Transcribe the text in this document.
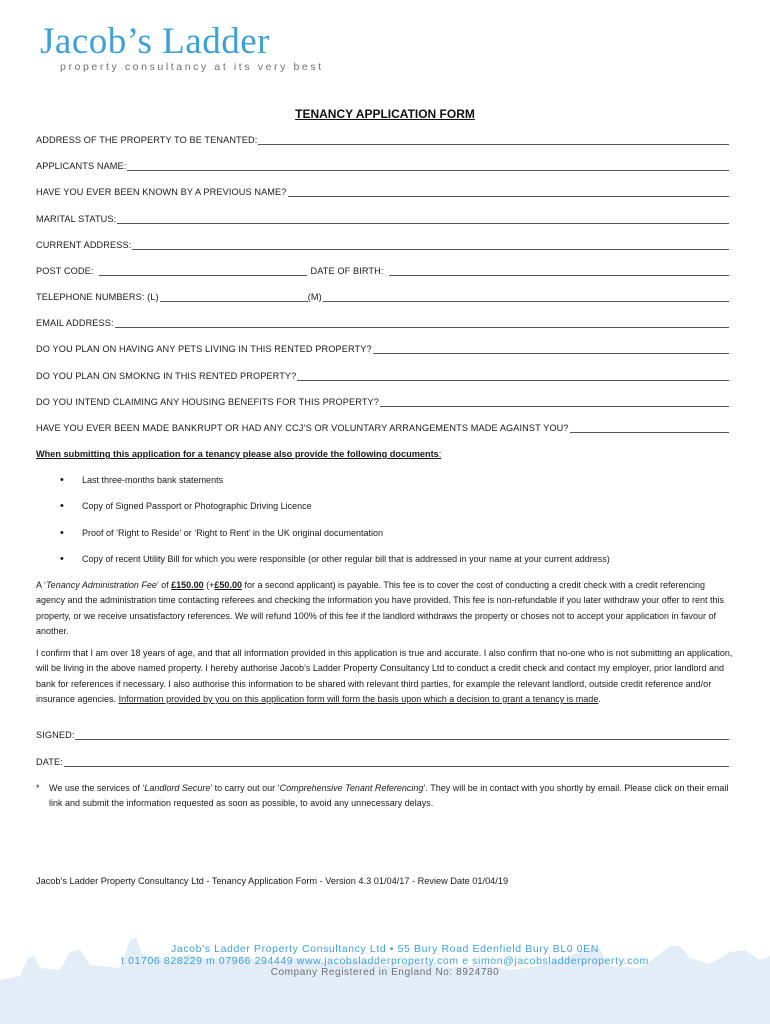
Jacob’s Ladder
property consultancy at its very best
TENANCY APPLICATION FORM
ADDRESS OF THE PROPERTY TO BE TENANTED:
APPLICANTS NAME:
HAVE YOU EVER BEEN KNOWN BY A PREVIOUS NAME?
MARITAL STATUS:
CURRENT ADDRESS:
POST CODE:	DATE OF BIRTH:
TELEPHONE NUMBERS: (L)	(M)
EMAIL ADDRESS:
DO YOU PLAN ON HAVING ANY PETS LIVING IN THIS RENTED PROPERTY?
DO YOU PLAN ON SMOKNG IN THIS RENTED PROPERTY?
DO YOU INTEND CLAIMING ANY HOUSING BENEFITS FOR THIS PROPERTY?
HAVE YOU EVER BEEN MADE BANKRUPT OR HAD ANY CCJ’S OR VOLUNTARY ARRANGEMENTS MADE AGAINST YOU?
When submitting this application for a tenancy please also provide the following documents:
•	Last three-months bank statements
•	Copy of Signed Passport or Photographic Driving Licence
•	Proof of ‘Right to Reside’ or ‘Right to Rent’ in the UK original documentation
•	Copy of recent Utility Bill for which you were responsible (or other regular bill that is addressed in your name at your current address)
A ‘Tenancy Administration Fee’ of £150.00 (+£50.00 for a second applicant) is payable. This fee is to cover the cost of conducting a credit check with a credit referencing agency and the administration time contacting referees and checking the information you have provided. This fee is non-refundable if you later withdraw your offer to rent this property, or we receive unsatisfactory references. We will refund 100% of this fee if the landlord withdraws the property or choses not to accept your application in favour of another.
I confirm that I am over 18 years of age, and that all information provided in this application is true and accurate. I also confirm that no-one who is not submitting an application, will be living in the above named property. I hereby authorise Jacob’s Ladder Property Consultancy Ltd to conduct a credit check and contact my employer, prior landlord and bank for references if necessary. I also authorise this information to be shared with relevant third parties, for example the relevant landlord, outside credit reference and/or insurance agencies. Information provided by you on this application form will form the basis upon which a decision to grant a tenancy is made.
SIGNED:
DATE:
*	We use the services of ‘Landlord Secure’ to carry out our ‘Comprehensive Tenant Referencing’. They will be in contact with you shortly by email. Please click on their email link and submit the information requested as soon as possible, to avoid any unnecessary delays.
Jacob’s Ladder Property Consultancy Ltd - Tenancy Application Form - Version 4.3 01/04/17 - Review Date 01/04/19
Jacob’s Ladder Property Consultancy Ltd • 55 Bury Road Edenfield Bury BL0 0EN
t 01706 828229 m 07966 294449 www.jacobsladderproperty.com e simon@jacobsladderproperty.com
Company Registered in England No: 8924780
